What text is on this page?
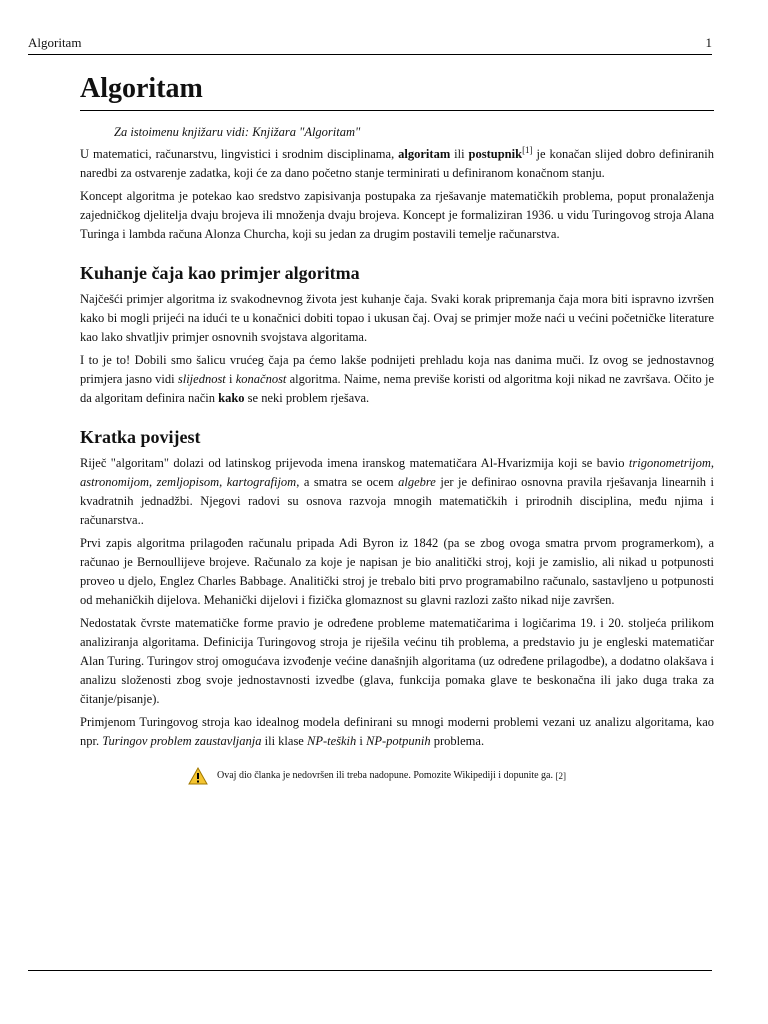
Algoritam	1
Algoritam
Za istoimenu knjižaru vidi: Knjižara "Algoritam"

U matematici, računarstvu, lingvistici i srodnim disciplinama, algoritam ili postupnik[1] je konačan slijed dobro definiranih naredbi za ostvarenje zadatka, koji će za dano početno stanje terminirati u definiranom konačnom stanju.

Koncept algoritma je potekao kao sredstvo zapisivanja postupaka za rješavanje matematičkih problema, poput pronalaženja zajedničkog djelitelja dvaju brojeva ili množenja dvaju brojeva. Koncept je formaliziran 1936. u vidu Turingovog stroja Alana Turinga i lambda računa Alonza Churcha, koji su jedan za drugim postavili temelje računarstva.

Kuhanje čaja kao primjer algoritma

Najčešći primjer algoritma iz svakodnevnog života jest kuhanje čaja. Svaki korak pripremanja čaja mora biti ispravno izvršen kako bi mogli prijeći na idući te u konačnici dobiti topao i ukusan čaj. Ovaj se primjer može naći u većini početničke literature kao lako shvatljiv primjer osnovnih svojstava algoritama.

I to je to! Dobili smo šalicu vrućeg čaja pa ćemo lakše podnijeti prehladu koja nas danima muči. Iz ovog se jednostavnog primjera jasno vidi slijednost i konačnost algoritma. Naime, nema previše koristi od algoritma koji nikad ne završava. Očito je da algoritam definira način kako se neki problem rješava.

Kratka povijest

Riječ "algoritam" dolazi od latinskog prijevoda imena iranskog matematičara Al-Hvarizmija koji se bavio trigonometrijom, astronomijom, zemljopisom, kartografijom, a smatra se ocem algebre jer je definirao osnovna pravila rješavanja linearnih i kvadratnih jednadžbi. Njegovi radovi su osnova razvoja mnogih matematičkih i prirodnih disciplina, među njima i računarstva..

Prvi zapis algoritma prilagođen računalu pripada Adi Byron iz 1842 (pa se zbog ovoga smatra prvom programerkom), a računao je Bernoullijeve brojeve. Računalo za koje je napisan je bio analitički stroj, koji je zamislio, ali nikad u potpunosti proveo u djelo, Englez Charles Babbage. Analitički stroj je trebalo biti prvo programabilno računalo, sastavljeno u potpunosti od mehaničkih dijelova. Mehanički dijelovi i fizička glomaznost su glavni razlozi zašto nikad nije završen.

Nedostatak čvrste matematičke forme pravio je određene probleme matematičarima i logičarima 19. i 20. stoljeća prilikom analiziranja algoritama. Definicija Turingovog stroja je riješila većinu tih problema, a predstavio ju je engleski matematičar Alan Turing. Turingov stroj omogućava izvođenje većine današnjih algoritama (uz određene prilagodbe), a dodatno olakšava i analizu složenosti zbog svoje jednostavnosti izvedbe (glava, funkcija pomaka glave te beskonačna ili jako duga traka za čitanje/pisanje).

Primjenom Turingovog stroja kao idealnog modela definirani su mnogi moderni problemi vezani uz analizu algoritama, kao npr. Turingov problem zaustavljanja ili klase NP-teških i NP-potpunih problema.

Ovaj dio članka je nedovršen ili treba nadopune. Pomozite Wikipediji i dopunite ga.
[2]
